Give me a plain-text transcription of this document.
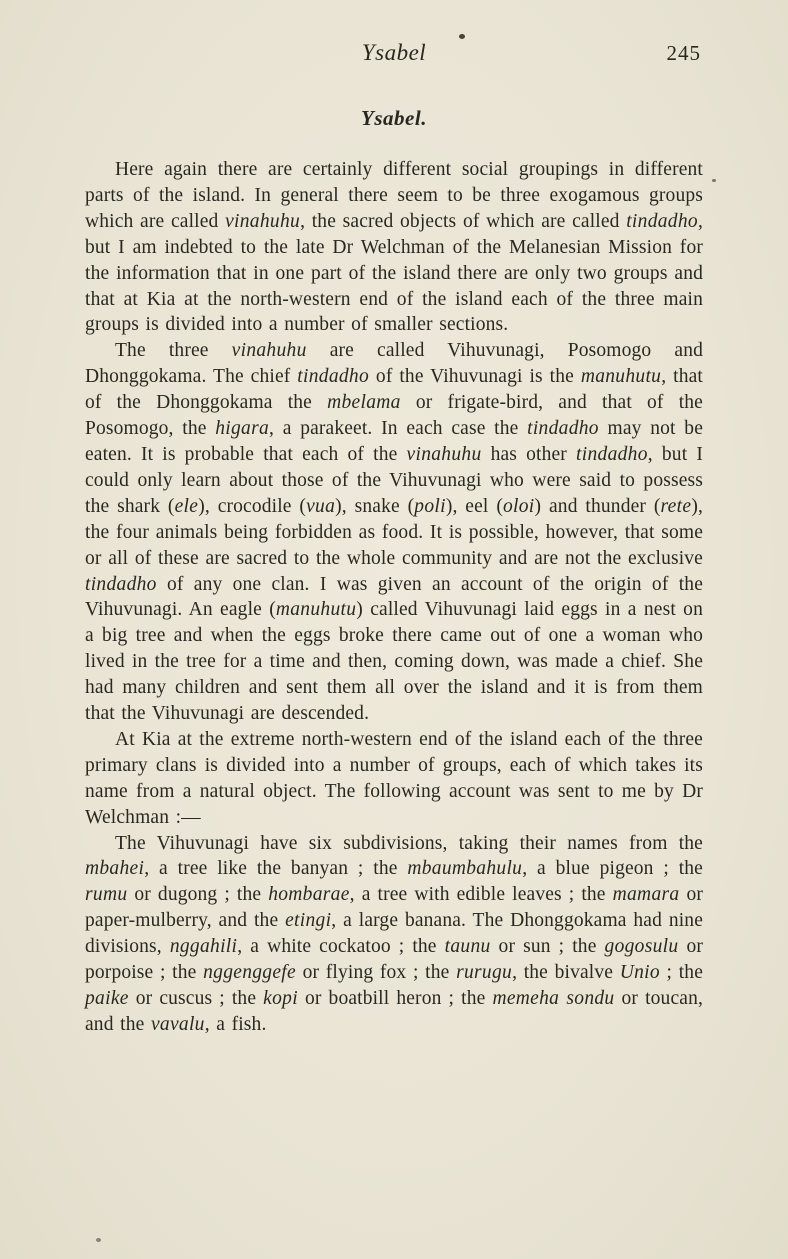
Ysabel	245
Ysabel.

Here again there are certainly different social groupings in different parts of the island. In general there seem to be three exogamous groups which are called vinahuhu, the sacred objects of which are called tindadho, but I am indebted to the late Dr Welchman of the Melanesian Mission for the information that in one part of the island there are only two groups and that at Kia at the north-western end of the island each of the three main groups is divided into a number of smaller sections.

The three vinahuhu are called Vihuvunagi, Posomogo and Dhonggokama. The chief tindadho of the Vihuvunagi is the manuhutu, that of the Dhonggokama the mbelama or frigate-bird, and that of the Posomogo, the higara, a parakeet. In each case the tindadho may not be eaten. It is probable that each of the vinahuhu has other tindadho, but I could only learn about those of the Vihuvunagi who were said to possess the shark (ele), crocodile (vua), snake (poli), eel (oloi) and thunder (rete), the four animals being forbidden as food. It is possible, however, that some or all of these are sacred to the whole community and are not the exclusive tindadho of any one clan. I was given an account of the origin of the Vihuvunagi. An eagle (manuhutu) called Vihuvunagi laid eggs in a nest on a big tree and when the eggs broke there came out of one a woman who lived in the tree for a time and then, coming down, was made a chief. She had many children and sent them all over the island and it is from them that the Vihuvunagi are descended.

At Kia at the extreme north-western end of the island each of the three primary clans is divided into a number of groups, each of which takes its name from a natural object. The following account was sent to me by Dr Welchman :—

The Vihuvunagi have six subdivisions, taking their names from the mbahei, a tree like the banyan ; the mbaumbahulu, a blue pigeon ; the rumu or dugong ; the hombarae, a tree with edible leaves ; the mamara or paper-mulberry, and the etingi, a large banana. The Dhonggokama had nine divisions, nggahili, a white cockatoo ; the taunu or sun ; the gogosulu or porpoise ; the nggenggefe or flying fox ; the rurugu, the bivalve Unio ; the paike or cuscus ; the kopi or boatbill heron ; the memeha sondu or toucan, and the vavalu, a fish.
